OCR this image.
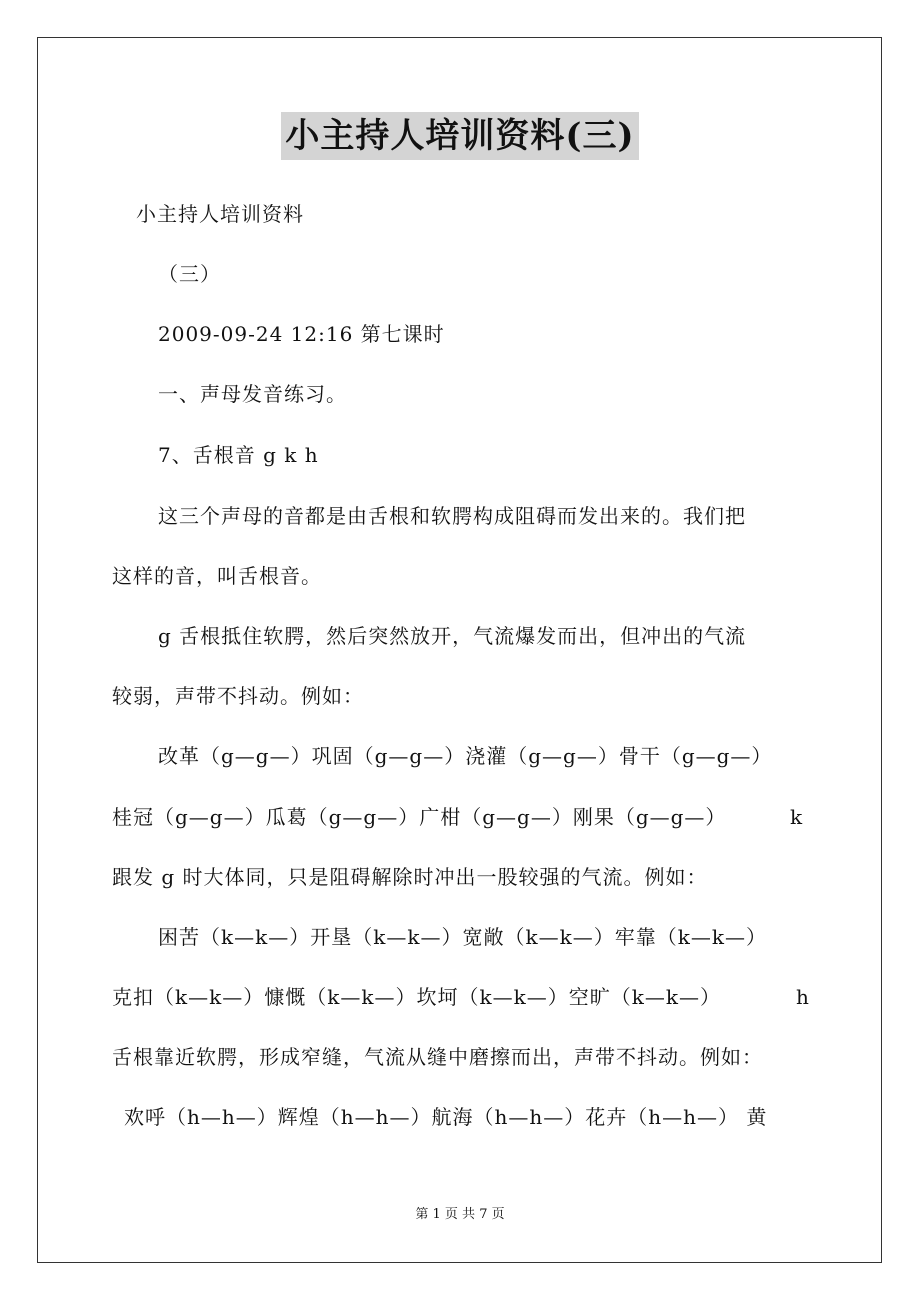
小主持人培训资料(三)
小主持人培训资料
（三）
2009-09-24 12:16 第七课时
一、声母发音练习。
7、舌根音 g k h
这三个声母的音都是由舌根和软腭构成阻碍而发出来的。我们把
这样的音，叫舌根音。
g 舌根抵住软腭，然后突然放开，气流爆发而出，但冲出的气流
较弱，声带不抖动。例如：
改革（g—g—）巩固（g—g—）浇灌（g—g—）骨干（g—g—）
桂冠（g—g—）瓜葛（g—g—）广柑（g—g—）刚果（g—g—）	k
跟发 g 时大体同，只是阻碍解除时冲出一股较强的气流。例如：
困苦（k—k—）开垦（k—k—）宽敞（k—k—）牢靠（k—k—）
克扣（k—k—）慷慨（k—k—）坎坷（k—k—）空旷（k—k—）	h
舌根靠近软腭，形成窄缝，气流从缝中磨擦而出，声带不抖动。例如：
欢呼（h—h—）辉煌（h—h—）航海（h—h—）花卉（h—h—） 黄
第 1 页 共 7 页
